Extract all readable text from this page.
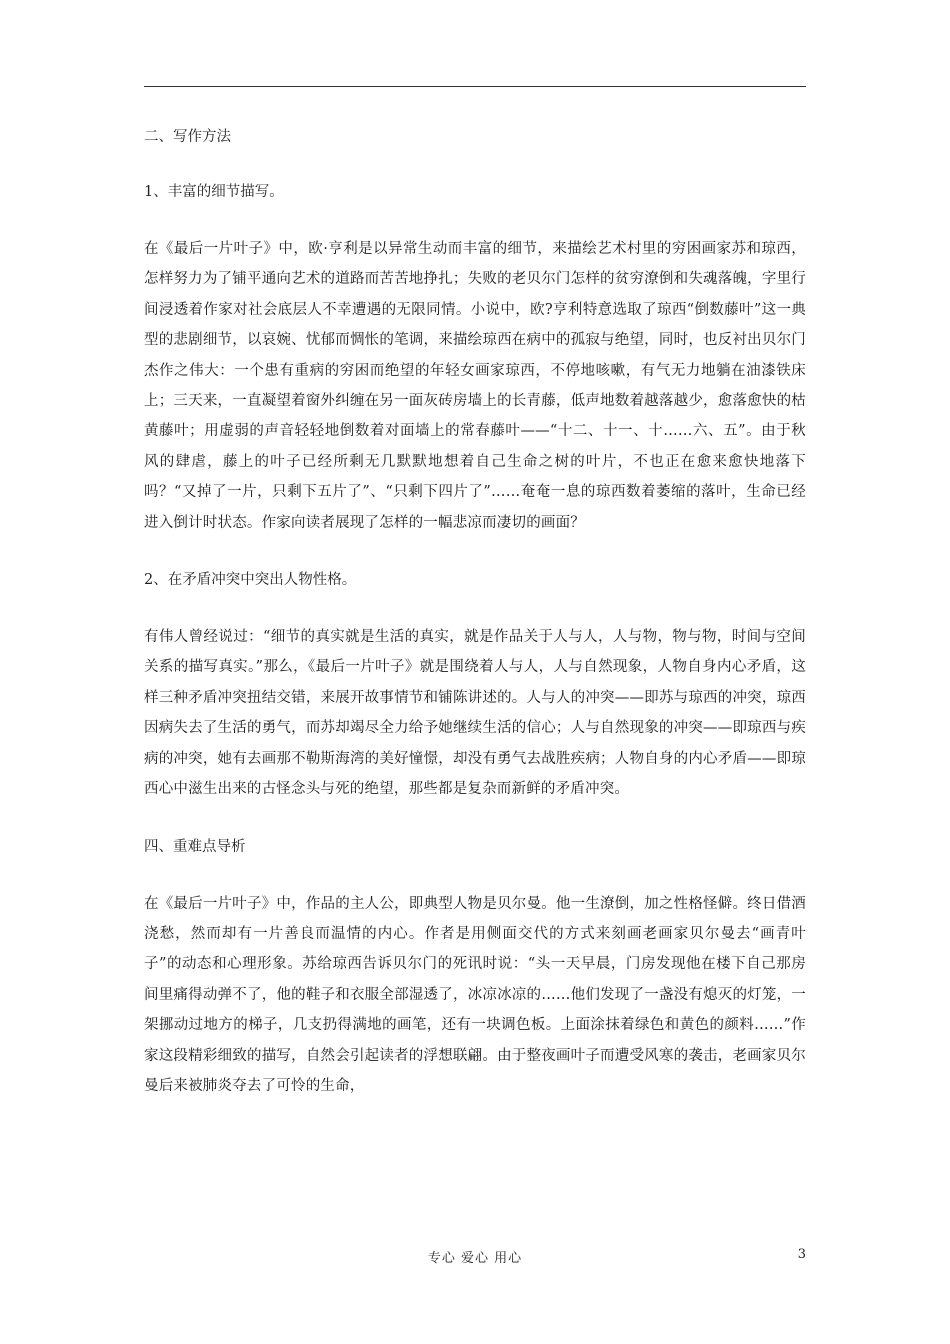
二、写作方法

1、丰富的细节描写。

在《最后一片叶子》中，欧·亨利是以异常生动而丰富的细节，来描绘艺术村里的穷困画家苏和琼西，怎样努力为了铺平通向艺术的道路而苦苦地挣扎；失败的老贝尔门怎样的贫穷潦倒和失魂落魄，字里行间浸透着作家对社会底层人不幸遭遇的无限同情。小说中，欧?亨利特意选取了琼西“倒数藤叶”这一典型的悲剧细节，以哀婉、忧郁而惆怅的笔调，来描绘琼西在病中的孤寂与绝望，同时，也反衬出贝尔门杰作之伟大：一个患有重病的穷困而绝望的年轻女画家琼西，不停地咳嗽，有气无力地躺在油漆铁床上；三天来，一直凝望着窗外纠缠在另一面灰砖房墙上的长青藤，低声地数着越落越少，愈落愈快的枯黄藤叶；用虚弱的声音轻轻地倒数着对面墙上的常春藤叶——“十二、十一、十……六、五”。由于秋风的肆虐，藤上的叶子已经所剩无几默默地想着自己生命之树的叶片，不也正在愈来愈快地落下吗？“又掉了一片，只剩下五片了”、“只剩下四片了”……奄奄一息的琼西数着萎缩的落叶，生命已经进入倒计时状态。作家向读者展现了怎样的一幅悲凉而凄切的画面？

2、在矛盾冲突中突出人物性格。

有伟人曾经说过：“细节的真实就是生活的真实，就是作品关于人与人，人与物，物与物，时间与空间关系的描写真实。”那么，《最后一片叶子》就是围绕着人与人，人与自然现象，人物自身内心矛盾，这样三种矛盾冲突扭结交错，来展开故事情节和铺陈讲述的。人与人的冲突——即苏与琼西的冲突，琼西因病失去了生活的勇气，而苏却竭尽全力给予她继续生活的信心；人与自然现象的冲突——即琼西与疾病的冲突，她有去画那不勒斯海湾的美好憧憬，却没有勇气去战胜疾病；人物自身的内心矛盾——即琼西心中滋生出来的古怪念头与死的绝望，那些都是复杂而新鲜的矛盾冲突。

四、重难点导析

在《最后一片叶子》中，作品的主人公，即典型人物是贝尔曼。他一生潦倒，加之性格怪僻。终日借酒浇愁，然而却有一片善良而温情的内心。作者是用侧面交代的方式来刻画老画家贝尔曼去“画青叶子”的动态和心理形象。苏给琼西告诉贝尔门的死讯时说：“头一天早晨，门房发现他在楼下自己那房间里痛得动弹不了，他的鞋子和衣服全部湿透了，冰凉冰凉的……他们发现了一盏没有熄灭的灯笼，一架挪动过地方的梯子，几支扔得满地的画笔，还有一块调色板。上面涂抹着绿色和黄色的颜料……”作家这段精彩细致的描写，自然会引起读者的浮想联翩。由于整夜画叶子而遭受风寒的袭击，老画家贝尔曼后来被肺炎夺去了可怜的生命，

专心 爱心 用心	3
